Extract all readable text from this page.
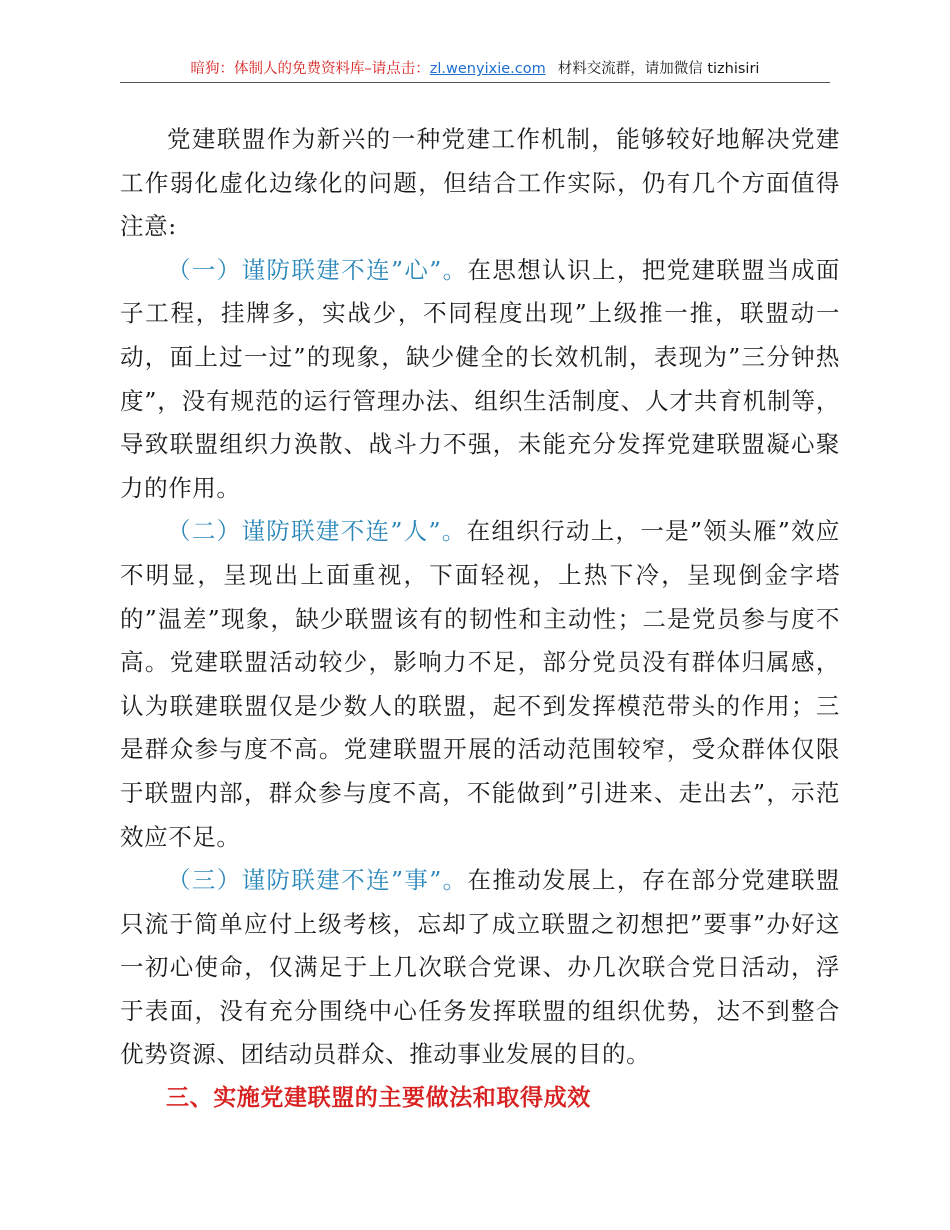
暗狗：体制人的免费资料库–请点击：zl.wenyixie.com 材料交流群，请加微信 tizhisiri

党建联盟作为新兴的一种党建工作机制，能够较好地解决党建工作弱化虚化边缘化的问题，但结合工作实际，仍有几个方面值得注意:

（一）谨防联建不连”心”。在思想认识上，把党建联盟当成面子工程，挂牌多，实战少，不同程度出现”上级推一推，联盟动一动，面上过一过”的现象，缺少健全的长效机制，表现为”三分钟热度”，没有规范的运行管理办法、组织生活制度、人才共育机制等，导致联盟组织力涣散、战斗力不强，未能充分发挥党建联盟凝心聚力的作用。

（二）谨防联建不连”人”。在组织行动上，一是”领头雁”效应不明显，呈现出上面重视，下面轻视，上热下冷，呈现倒金字塔的”温差”现象，缺少联盟该有的韧性和主动性；二是党员参与度不高。党建联盟活动较少，影响力不足，部分党员没有群体归属感，认为联建联盟仅是少数人的联盟，起不到发挥模范带头的作用；三是群众参与度不高。党建联盟开展的活动范围较窄，受众群体仅限于联盟内部，群众参与度不高，不能做到”引进来、走出去”，示范效应不足。

（三）谨防联建不连”事”。在推动发展上，存在部分党建联盟只流于简单应付上级考核，忘却了成立联盟之初想把”要事”办好这一初心使命，仅满足于上几次联合党课、办几次联合党日活动，浮于表面，没有充分围绕中心任务发挥联盟的组织优势，达不到整合优势资源、团结动员群众、推动事业发展的目的。

三、实施党建联盟的主要做法和取得成效
